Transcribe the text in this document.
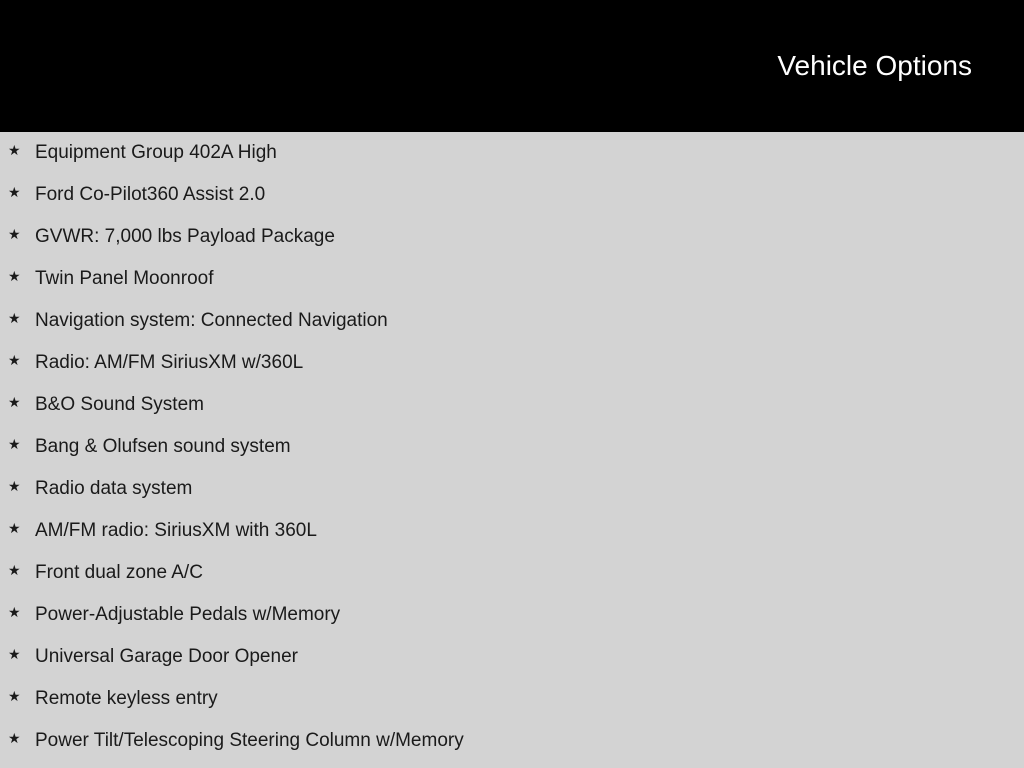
Vehicle Options
★ Equipment Group 402A High
★ Ford Co-Pilot360 Assist 2.0
★ GVWR: 7,000 lbs Payload Package
★ Twin Panel Moonroof
★ Navigation system: Connected Navigation
★ Radio: AM/FM SiriusXM w/360L
★ B&O Sound System
★ Bang & Olufsen sound system
★ Radio data system
★ AM/FM radio: SiriusXM with 360L
★ Front dual zone A/C
★ Power-Adjustable Pedals w/Memory
★ Universal Garage Door Opener
★ Remote keyless entry
★ Power Tilt/Telescoping Steering Column w/Memory
